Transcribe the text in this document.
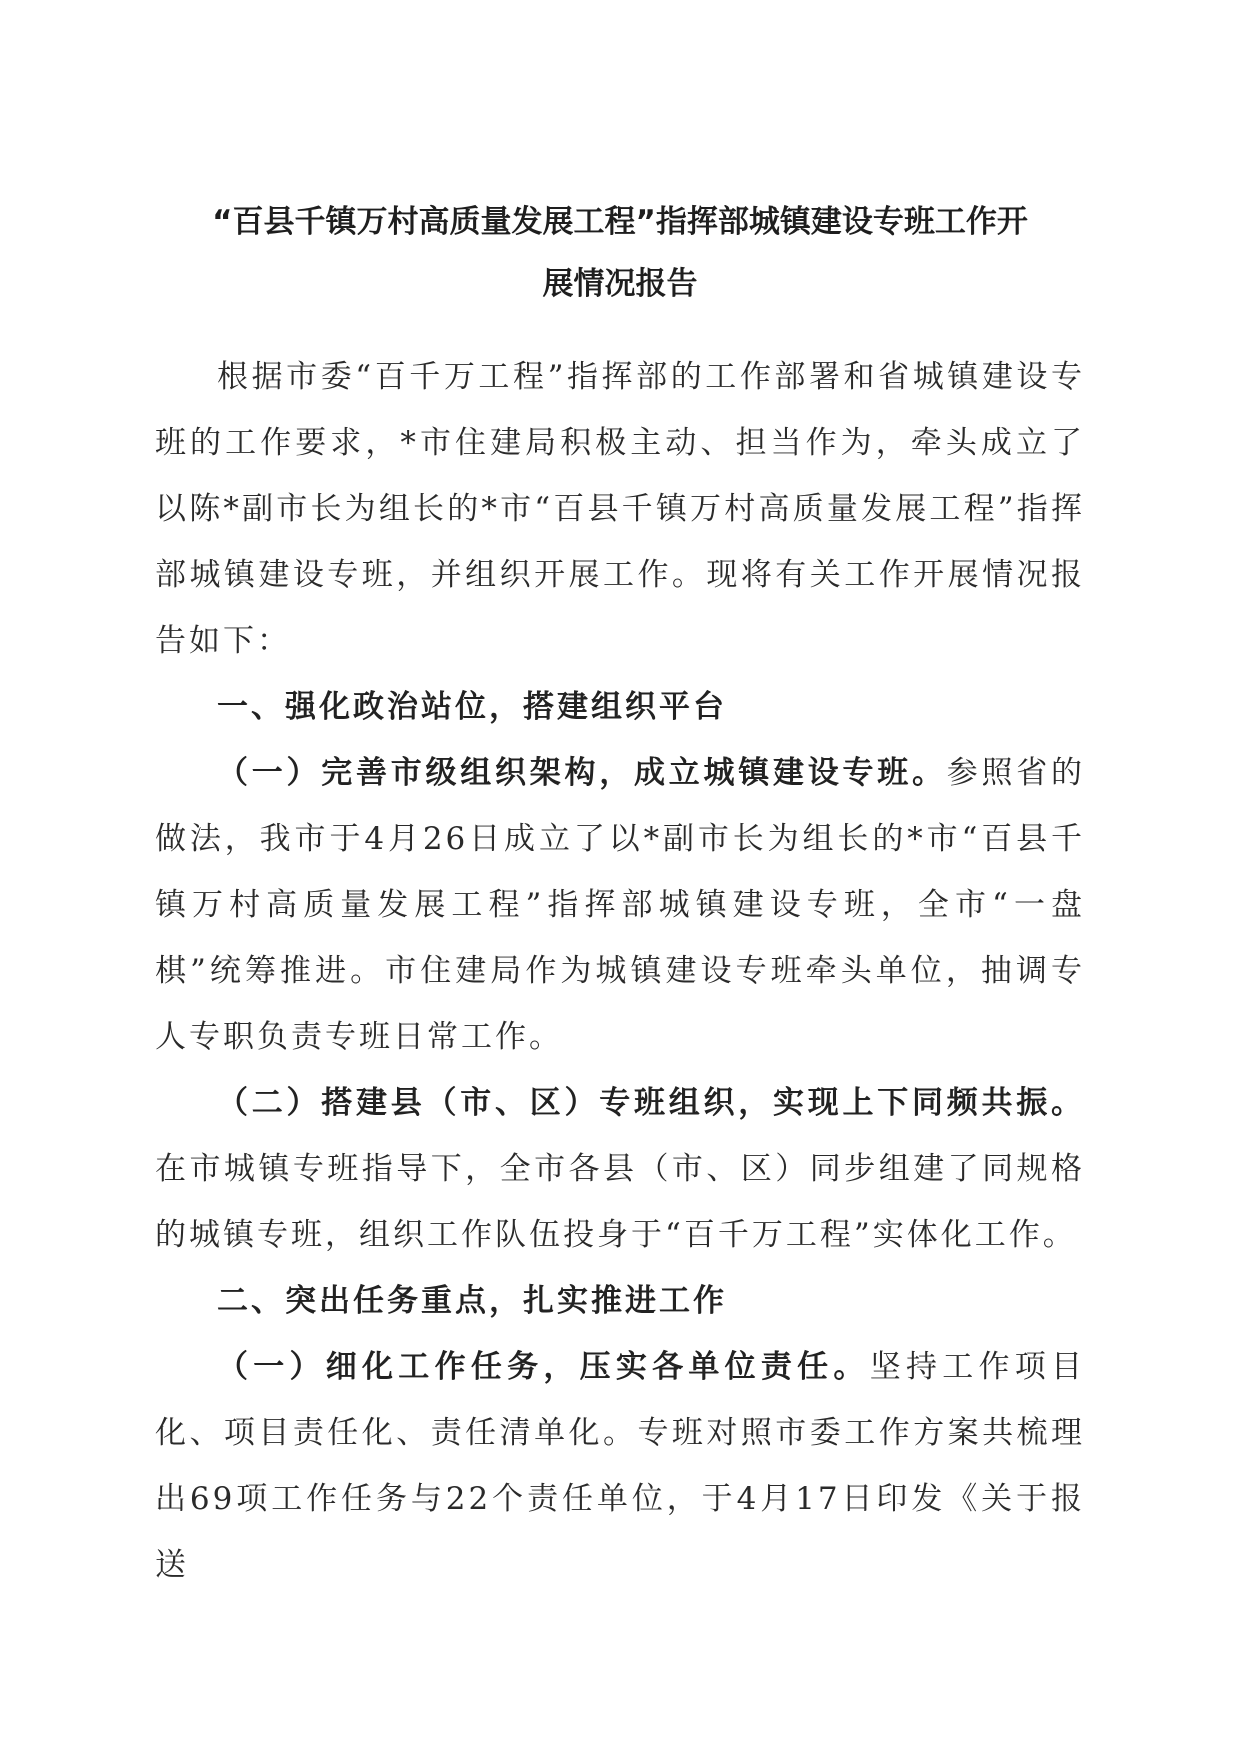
“百县千镇万村高质量发展工程”指挥部城镇建设专班工作开
展情况报告

根据市委“百千万工程”指挥部的工作部署和省城镇建设专班的工作要求，*市住建局积极主动、担当作为，牵头成立了以陈*副市长为组长的*市“百县千镇万村高质量发展工程”指挥部城镇建设专班，并组织开展工作。现将有关工作开展情况报告如下：

一、强化政治站位，搭建组织平台

（一）完善市级组织架构，成立城镇建设专班。参照省的做法，我市于4月26日成立了以*副市长为组长的*市“百县千镇万村高质量发展工程”指挥部城镇建设专班，全市“一盘棋”统筹推进。市住建局作为城镇建设专班牵头单位，抽调专人专职负责专班日常工作。

（二）搭建县（市、区）专班组织，实现上下同频共振。在市城镇专班指导下，全市各县（市、区）同步组建了同规格的城镇专班，组织工作队伍投身于“百千万工程”实体化工作。

二、突出任务重点，扎实推进工作

（一）细化工作任务，压实各单位责任。坚持工作项目化、项目责任化、责任清单化。专班对照市委工作方案共梳理出69项工作任务与22个责任单位，于4月17日印发《关于报送
